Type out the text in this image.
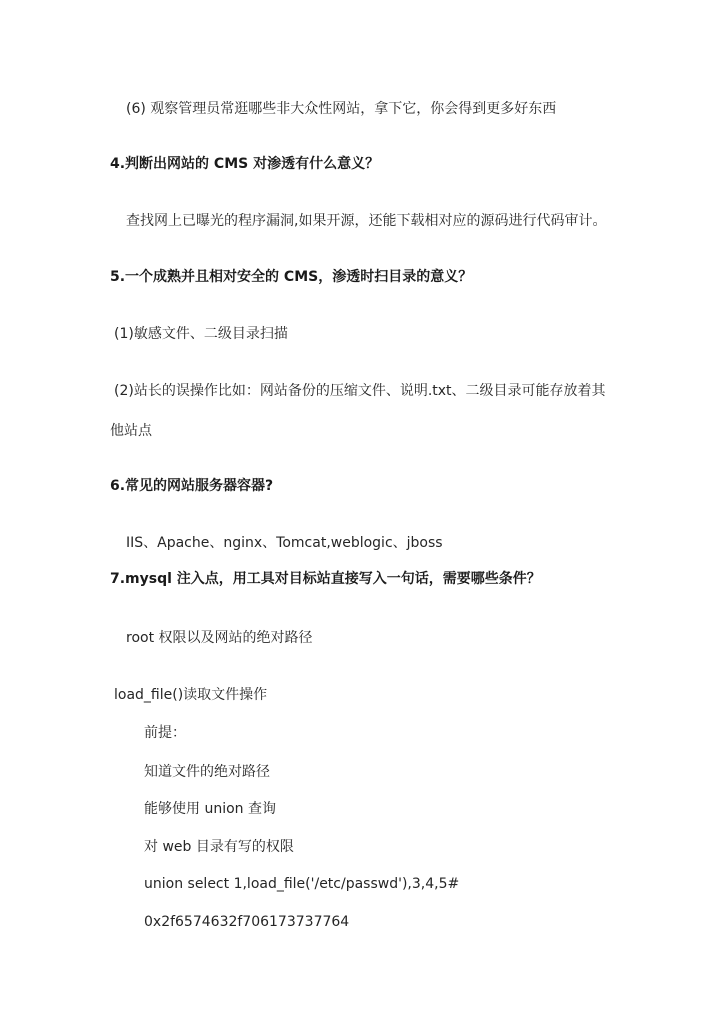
(6) 观察管理员常逛哪些非大众性网站，拿下它，你会得到更多好东西
4.判断出网站的 CMS 对渗透有什么意义？
查找网上已曝光的程序漏洞,如果开源，还能下载相对应的源码进行代码审计。
5.一个成熟并且相对安全的 CMS，渗透时扫目录的意义？
(1)敏感文件、二级目录扫描
(2)站长的误操作比如：网站备份的压缩文件、说明.txt、二级目录可能存放着其
他站点
6.常见的网站服务器容器?
IIS、Apache、nginx、Tomcat,weblogic、jboss
7.mysql 注入点，用工具对目标站直接写入一句话，需要哪些条件？
root 权限以及网站的绝对路径
load_file()读取文件操作
前提：
知道文件的绝对路径
能够使用 union 查询
对 web 目录有写的权限
union select 1,load_file('/etc/passwd'),3,4,5#
0x2f6574632f706173737764
